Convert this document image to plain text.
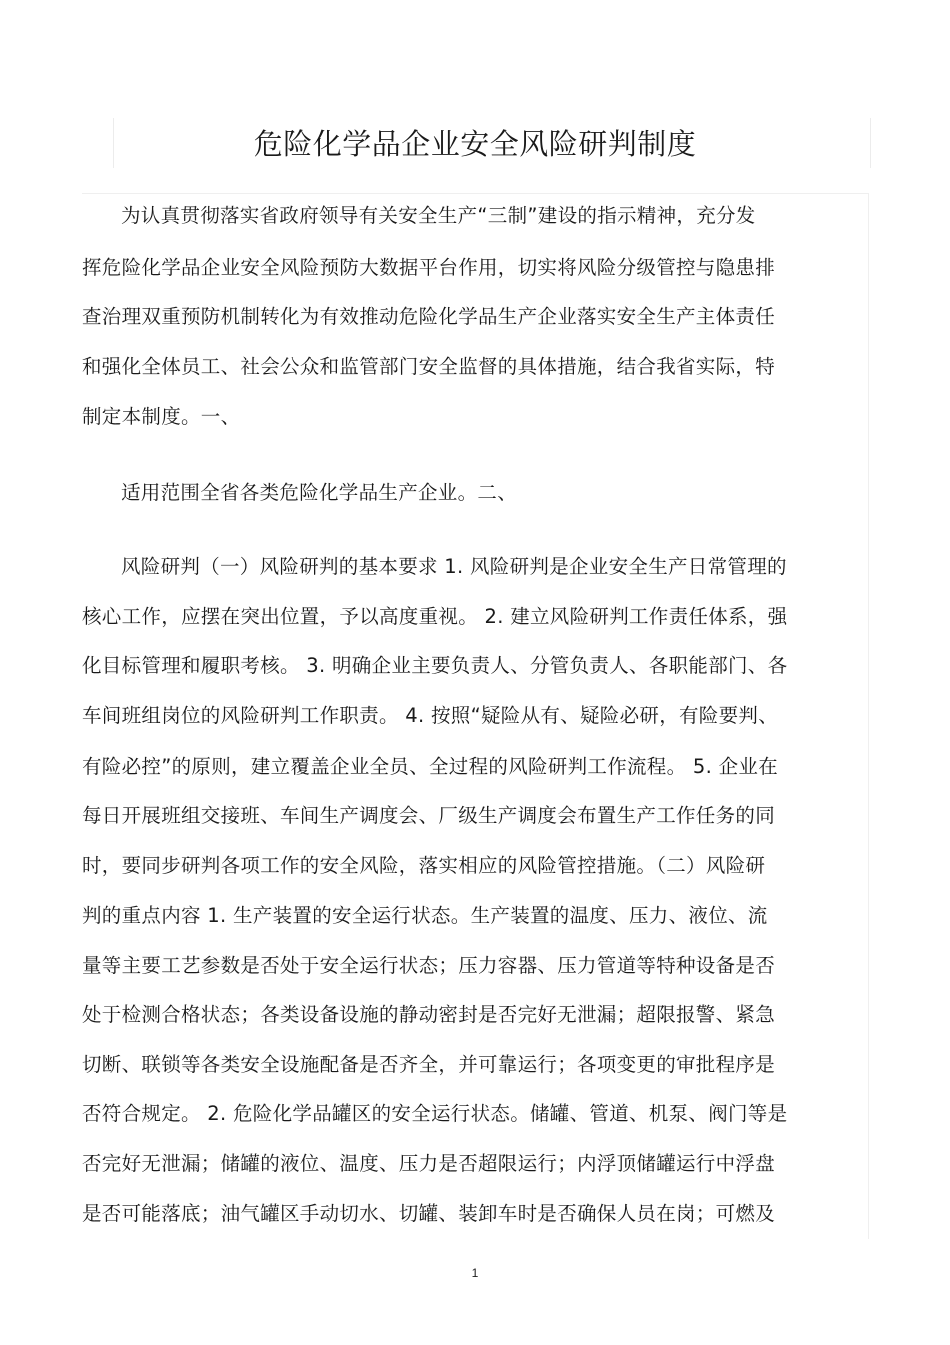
危险化学品企业安全风险研判制度
为认真贯彻落实省政府领导有关安全生产“三制”建设的指示精神，充分发
挥危险化学品企业安全风险预防大数据平台作用，切实将风险分级管控与隐患排
查治理双重预防机制转化为有效推动危险化学品生产企业落实安全生产主体责任
和强化全体员工、社会公众和监管部门安全监督的具体措施，结合我省实际，特
制定本制度。一、
适用范围全省各类危险化学品生产企业。二、
风险研判（一）风险研判的基本要求 1. 风险研判是企业安全生产日常管理的
核心工作，应摆在突出位置，予以高度重视。 2. 建立风险研判工作责任体系，强
化目标管理和履职考核。 3. 明确企业主要负责人、分管负责人、各职能部门、各
车间班组岗位的风险研判工作职责。 4. 按照“疑险从有、疑险必研，有险要判、
有险必控”的原则，建立覆盖企业全员、全过程的风险研判工作流程。 5. 企业在
每日开展班组交接班、车间生产调度会、厂级生产调度会布置生产工作任务的同
时，要同步研判各项工作的安全风险，落实相应的风险管控措施。（二）风险研
判的重点内容 1. 生产装置的安全运行状态。生产装置的温度、压力、液位、流
量等主要工艺参数是否处于安全运行状态；压力容器、压力管道等特种设备是否
处于检测合格状态；各类设备设施的静动密封是否完好无泄漏；超限报警、紧急
切断、联锁等各类安全设施配备是否齐全，并可靠运行；各项变更的审批程序是
否符合规定。 2. 危险化学品罐区的安全运行状态。储罐、管道、机泵、阀门等是
否完好无泄漏；储罐的液位、温度、压力是否超限运行；内浮顶储罐运行中浮盘
是否可能落底；油气罐区手动切水、切罐、装卸车时是否确保人员在岗；可燃及
1
